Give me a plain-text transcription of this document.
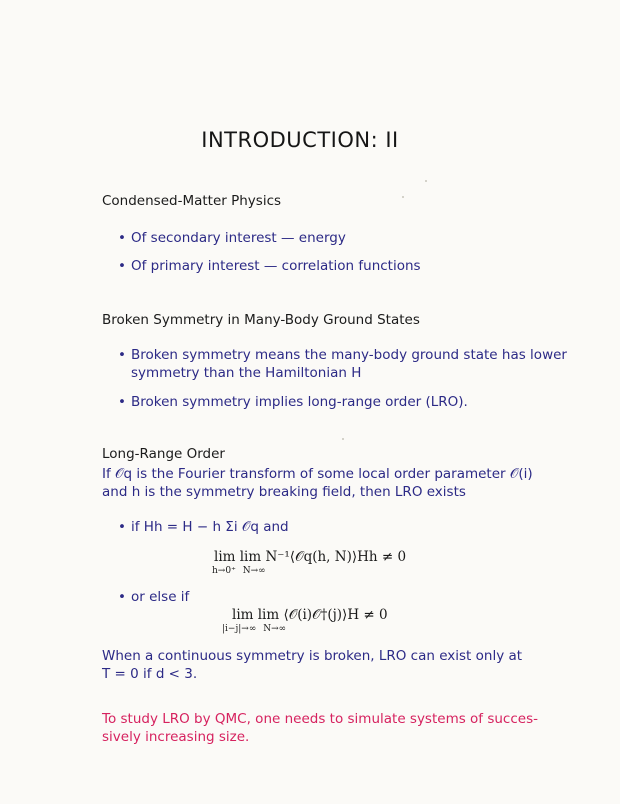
INTRODUCTION: II
Condensed-Matter Physics
• Of secondary interest — energy
• Of primary interest — correlation functions
Broken Symmetry in Many-Body Ground States
• Broken symmetry means the many-body ground state has lower
symmetry than the Hamiltonian H
• Broken symmetry implies long-range order (LRO).
Long-Range Order
If 𝒪q is the Fourier transform of some local order parameter 𝒪(i)
and h is the symmetry breaking field, then LRO exists
• if Hh = H − h Σi 𝒪q and
lim lim N⁻¹⟨𝒪q(h, N)⟩Hh ≠ 0
h→0⁺ N→∞
• or else if
lim lim ⟨𝒪(i)𝒪†(j)⟩H ≠ 0
|i−j|→∞ N→∞
When a continuous symmetry is broken, LRO can exist only at
T = 0 if d < 3.
To study LRO by QMC, one needs to simulate systems of succes-
sively increasing size.
